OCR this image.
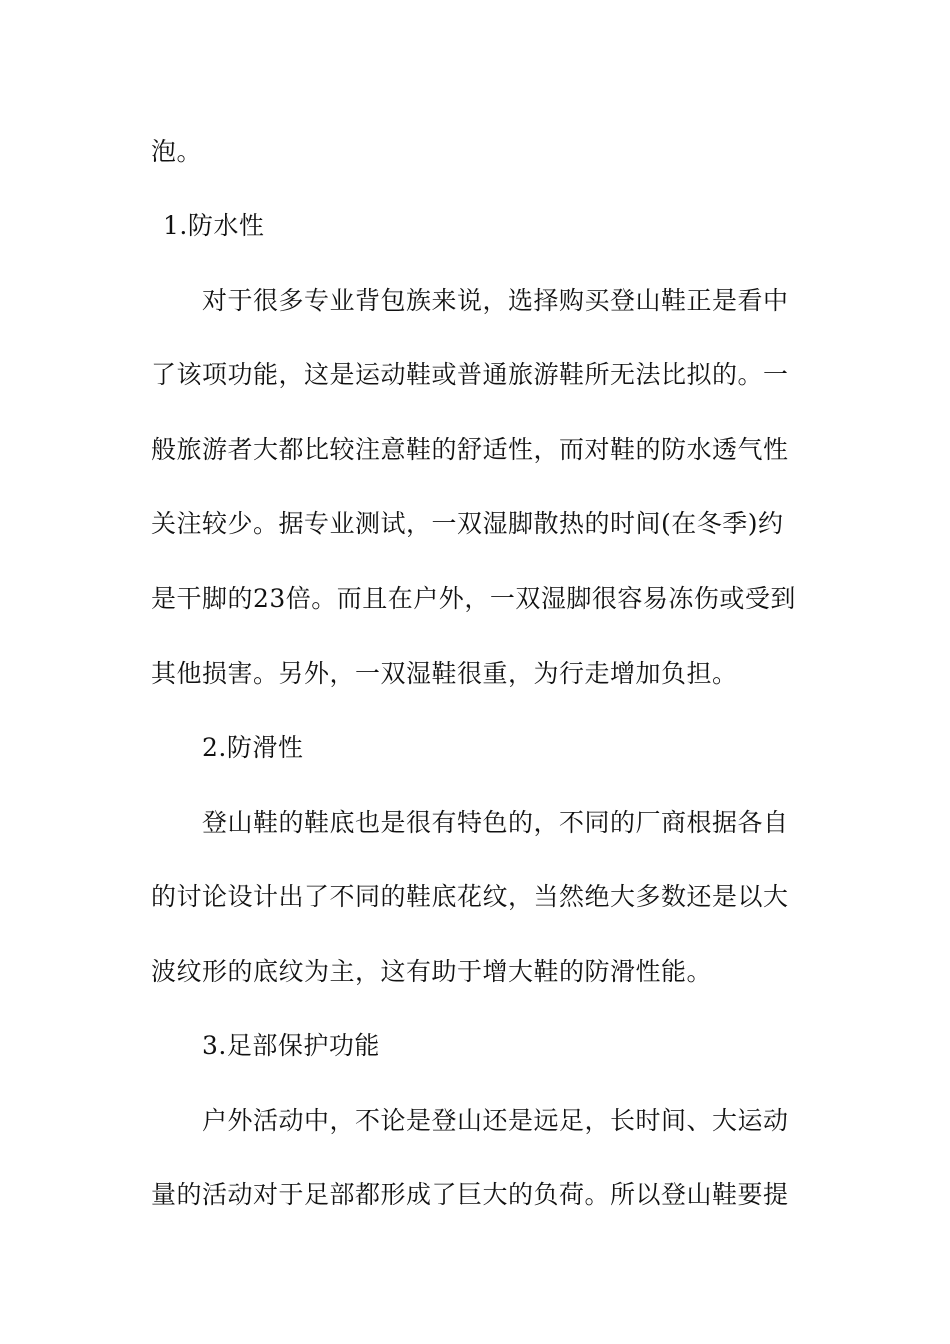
泡。
1.防水性
对于很多专业背包族来说，选择购买登山鞋正是看中
了该项功能，这是运动鞋或普通旅游鞋所无法比拟的。一
般旅游者大都比较注意鞋的舒适性，而对鞋的防水透气性
关注较少。据专业测试，一双湿脚散热的时间(在冬季)约
是干脚的23倍。而且在户外，一双湿脚很容易冻伤或受到
其他损害。另外，一双湿鞋很重，为行走增加负担。
2.防滑性
登山鞋的鞋底也是很有特色的，不同的厂商根据各自
的讨论设计出了不同的鞋底花纹，当然绝大多数还是以大
波纹形的底纹为主，这有助于增大鞋的防滑性能。
3.足部保护功能
户外活动中，不论是登山还是远足，长时间、大运动
量的活动对于足部都形成了巨大的负荷。所以登山鞋要提
